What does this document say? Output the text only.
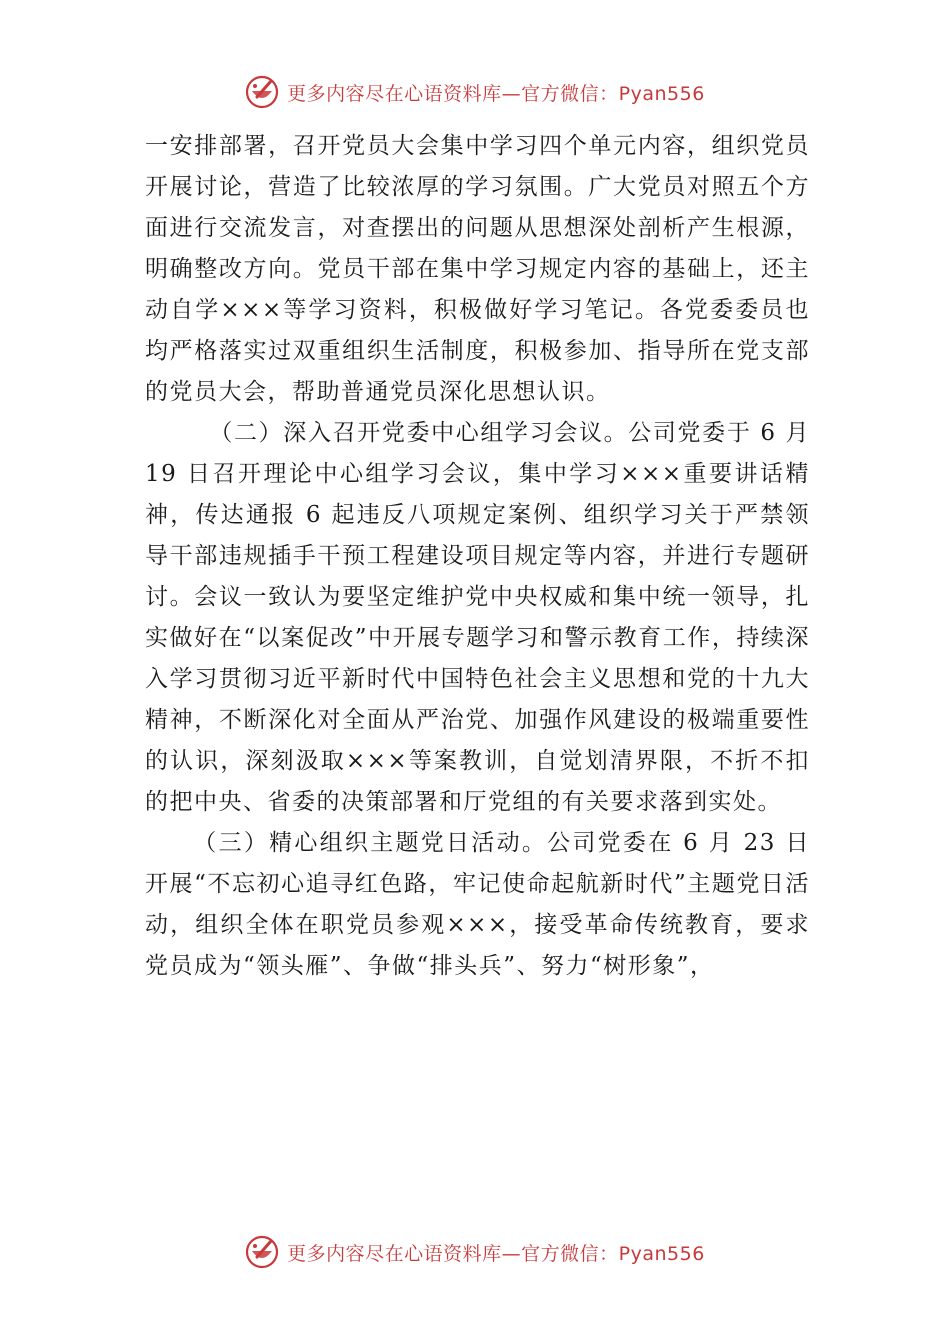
更多内容尽在心语资料库—官方微信：Pyan556

一安排部署，召开党员大会集中学习四个单元内容，组织党员开展讨论，营造了比较浓厚的学习氛围。广大党员对照五个方面进行交流发言，对查摆出的问题从思想深处剖析产生根源，明确整改方向。党员干部在集中学习规定内容的基础上，还主动自学×××等学习资料，积极做好学习笔记。各党委委员也均严格落实过双重组织生活制度，积极参加、指导所在党支部的党员大会，帮助普通党员深化思想认识。

（二）深入召开党委中心组学习会议。公司党委于 6 月 19 日召开理论中心组学习会议，集中学习×××重要讲话精神，传达通报 6 起违反八项规定案例、组织学习关于严禁领导干部违规插手干预工程建设项目规定等内容，并进行专题研讨。会议一致认为要坚定维护党中央权威和集中统一领导，扎实做好在“以案促改”中开展专题学习和警示教育工作，持续深入学习贯彻习近平新时代中国特色社会主义思想和党的十九大精神，不断深化对全面从严治党、加强作风建设的极端重要性的认识，深刻汲取×××等案教训，自觉划清界限，不折不扣的把中央、省委的决策部署和厅党组的有关要求落到实处。

（三）精心组织主题党日活动。公司党委在 6 月 23 日开展“不忘初心追寻红色路，牢记使命起航新时代”主题党日活动，组织全体在职党员参观×××，接受革命传统教育，要求党员成为“领头雁”、争做“排头兵”、努力“树形象”，

更多内容尽在心语资料库—官方微信：Pyan556
